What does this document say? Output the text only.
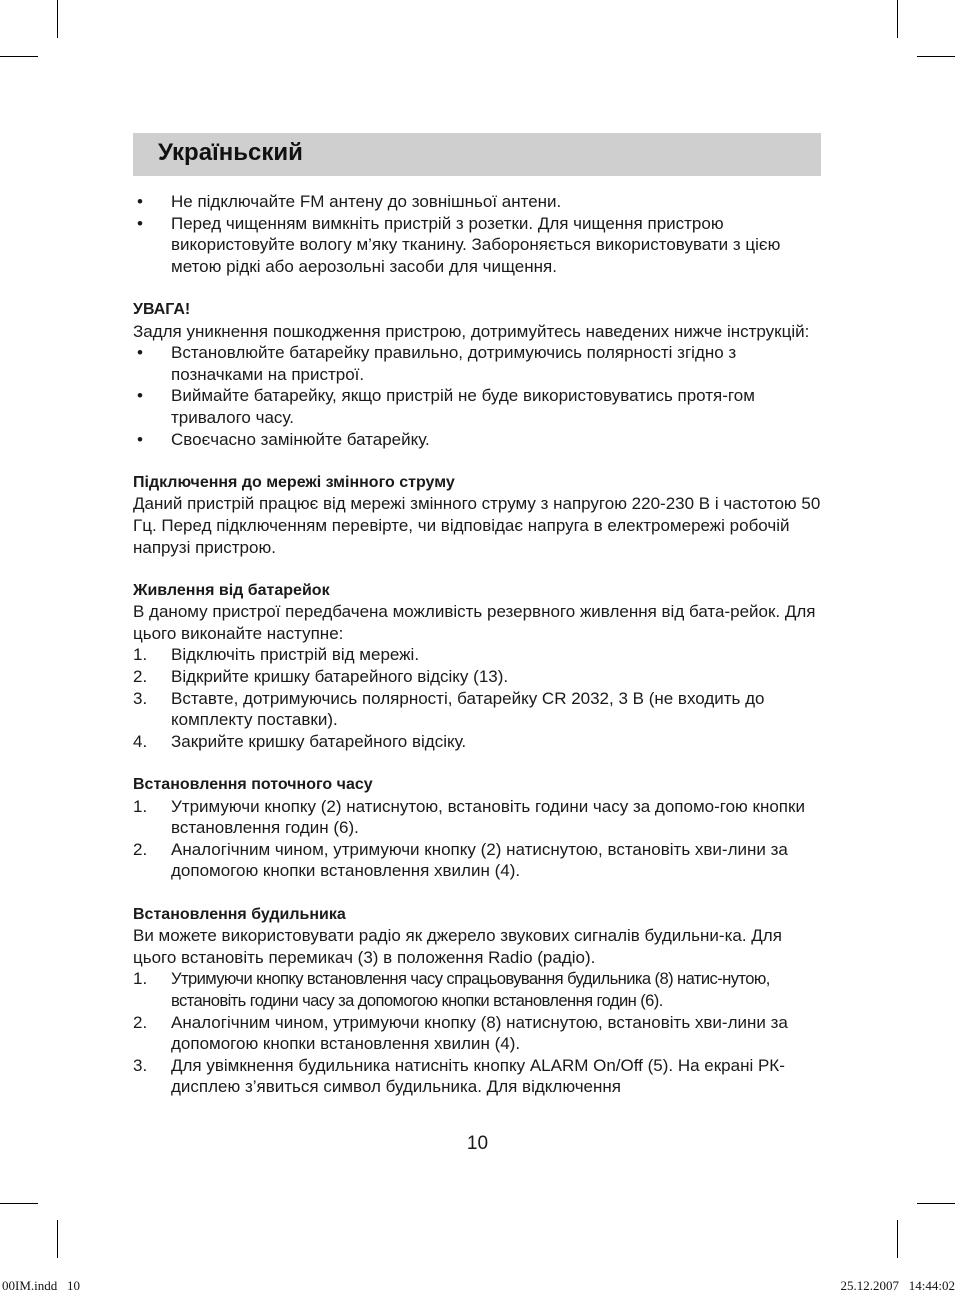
Україньский
•	Не підключайте FM антену до зовнішньої антени.
•	Перед чищенням вимкніть пристрій з розетки. Для чищення пристрою використовуйте вологу м’яку тканину. Забороняється використовувати з цією метою рідкі або аерозольні засоби для чищення.

УВАГА!

Задля уникнення пошкодження пристрою, дотримуйтесь наведених нижче інструкцій:

•	Встановлюйте батарейку правильно, дотримуючись полярності згідно з позначками на пристрої.
•	Виймайте батарейку, якщо пристрій не буде використовуватись протя-гом тривалого часу.
•	Своєчасно замінюйте батарейку.

Підключення до мережі змінного струму

Даний пристрій працює від мережі змінного струму з напругою 220-230 В і частотою 50 Гц. Перед підключенням перевірте, чи відповідає напруга в електромережі робочій напрузі пристрою.

Живлення від батарейок

В даному пристрої передбачена можливість резервного живлення від бата-рейок. Для цього виконайте наступне:

1.	Відключіть пристрій від мережі.
2.	Відкрийте кришку батарейного відсіку (13).
3.	Вставте, дотримуючись полярності, батарейку CR 2032, 3 В (не входить до комплекту поставки).
4.	Закрийте кришку батарейного відсіку.

Встановлення поточного часу

1.	Утримуючи кнопку (2) натиснутою, встановіть години часу за допомо-гою кнопки встановлення годин (6).
2.	Аналогічним чином, утримуючи кнопку (2) натиснутою, встановіть хви-лини за допомогою кнопки встановлення хвилин (4).

Встановлення будильника

Ви можете використовувати радіо як джерело звукових сигналів будильни-ка. Для цього встановіть перемикач (3) в положення Radio (радіо).

1.	Утримуючи кнопку встановлення часу спрацьовування будильника (8) натис-нутою, встановіть години часу за допомогою кнопки встановлення годин (6).
2.	Аналогічним чином, утримуючи кнопку (8) натиснутою, встановіть хви-лини за допомогою кнопки встановлення хвилин (4).
3.	Для увімкнення будильника натисніть кнопку ALARM On/Off (5). На екрані РК-дисплею з’явиться символ будильника. Для відключення
10
00IM.indd   10	25.12.2007   14:44:02
